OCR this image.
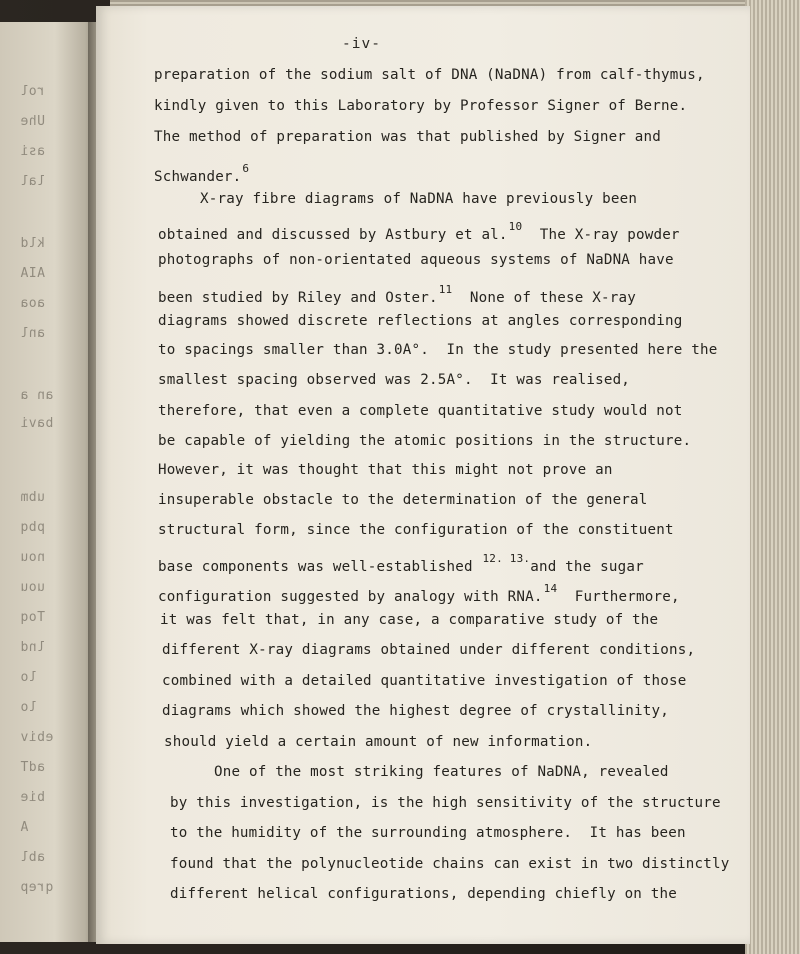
rol
Uhe
asi
lal
kld
AIA
aoa
anl
an a
bavi
ubm
pbq
nou
uou
Toq
lnd
lo
lo
ebiv
adT
bie
A
abl
qrep
-iv-
preparation of the sodium salt of DNA (NaDNA) from calf-thymus,
kindly given to this Laboratory by Professor Signer of Berne.
The method of preparation was that published by Signer and
Schwander.$^6$
X-ray fibre diagrams of NaDNA have previously been
obtained and discussed by Astbury et al.$^{10}$  The X-ray powder
photographs of non-orientated aqueous systems of NaDNA have
been studied by Riley and Oster.$^{11}$  None of these X-ray
diagrams showed discrete reflections at angles corresponding
to spacings smaller than 3.0A°.  In the study presented here the
smallest spacing observed was 2.5A°.  It was realised,
therefore, that even a complete quantitative study would not
be capable of yielding the atomic positions in the structure.
However, it was thought that this might not prove an
insuperable obstacle to the determination of the general
structural form, since the configuration of the constituent
base components was well-established $^{12. 13.}$and the sugar
configuration suggested by analogy with RNA.$^{14}$  Furthermore,
it was felt that, in any case, a comparative study of the
different X-ray diagrams obtained under different conditions,
combined with a detailed quantitative investigation of those
diagrams which showed the highest degree of crystallinity,
should yield a certain amount of new information.
One of the most striking features of NaDNA, revealed
by this investigation, is the high sensitivity of the structure
to the humidity of the surrounding atmosphere.  It has been
found that the polynucleotide chains can exist in two distinctly
different helical configurations, depending chiefly on the
